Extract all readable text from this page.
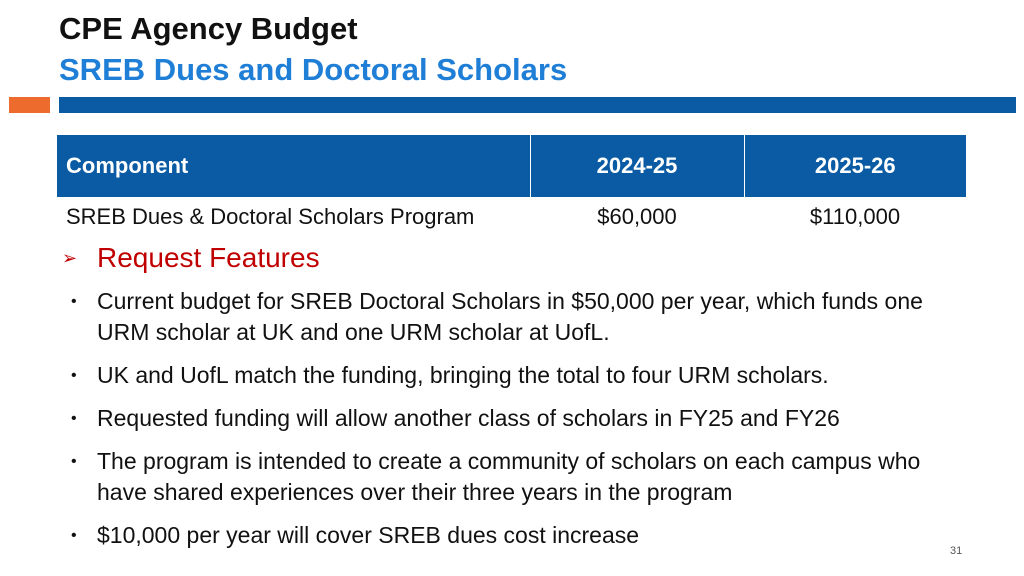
CPE Agency Budget
SREB Dues and Doctoral Scholars
Component	2024-25	2025-26
SREB Dues & Doctoral Scholars Program	$60,000	$110,000
➢ Request Features
• Current budget for SREB Doctoral Scholars in $50,000 per year, which funds one URM scholar at UK and one URM scholar at UofL.
• UK and UofL match the funding, bringing the total to four URM scholars.
• Requested funding will allow another class of scholars in FY25 and FY26
• The program is intended to create a community of scholars on each campus who have shared experiences over their three years in the program
• $10,000 per year will cover SREB dues cost increase
31
